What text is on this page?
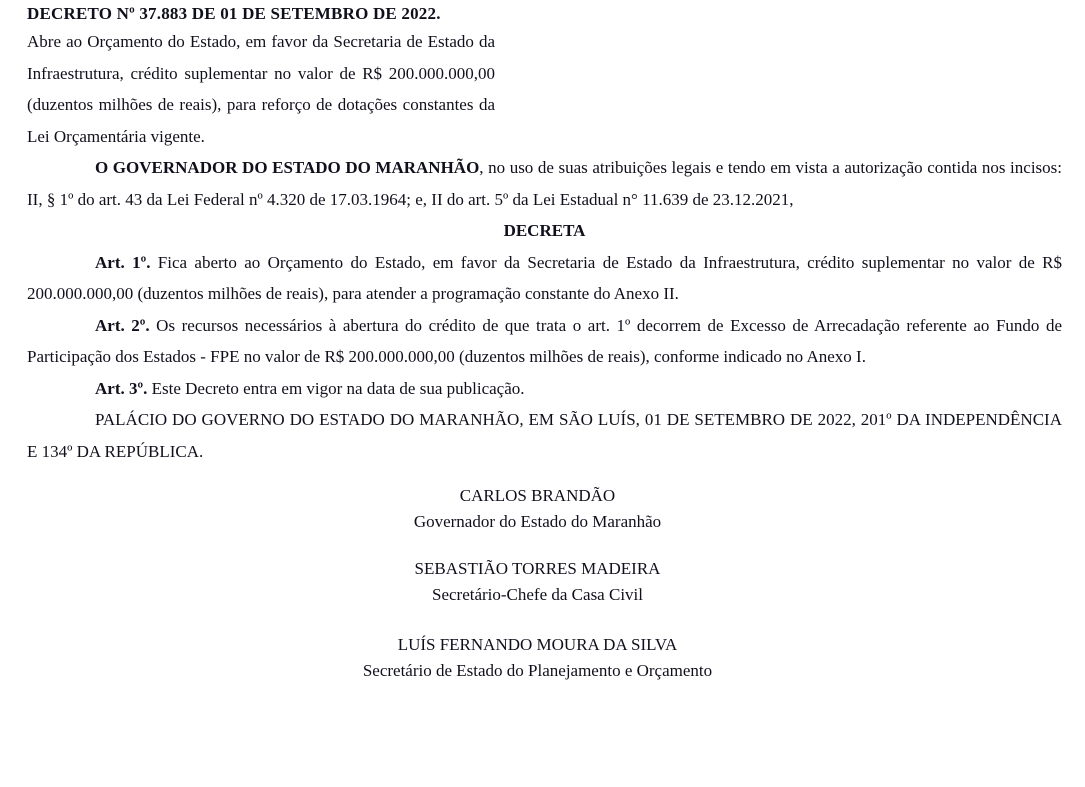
DECRETO Nº 37.883 DE 01 DE SETEMBRO DE 2022.

Abre ao Orçamento do Estado, em favor da Secretaria de Estado da Infraestrutura, crédito suplementar no valor de R$ 200.000.000,00 (duzentos milhões de reais), para reforço de dotações constantes da Lei Orçamentária vigente.

O GOVERNADOR DO ESTADO DO MARANHÃO, no uso de suas atribuições legais e tendo em vista a autorização contida nos incisos: II, § 1º do art. 43 da Lei Federal nº 4.320 de 17.03.1964; e, II do art. 5º da Lei Estadual n° 11.639 de 23.12.2021,

DECRETA

Art. 1º. Fica aberto ao Orçamento do Estado, em favor da Secretaria de Estado da Infraestrutura, crédito suplementar no valor de R$ 200.000.000,00 (duzentos milhões de reais), para atender a programação constante do Anexo II.

Art. 2º. Os recursos necessários à abertura do crédito de que trata o art. 1º decorrem de Excesso de Arrecadação referente ao Fundo de Participação dos Estados - FPE no valor de R$ 200.000.000,00 (duzentos milhões de reais), conforme indicado no Anexo I.

Art. 3º. Este Decreto entra em vigor na data de sua publicação.

PALÁCIO DO GOVERNO DO ESTADO DO MARANHÃO, EM SÃO LUÍS, 01 DE SETEMBRO DE 2022, 201º DA INDEPENDÊNCIA E 134º DA REPÚBLICA.

CARLOS BRANDÃO

Governador do Estado do Maranhão

SEBASTIÃO TORRES MADEIRA

Secretário-Chefe da Casa Civil

LUÍS FERNANDO MOURA DA SILVA

Secretário de Estado do Planejamento e Orçamento
